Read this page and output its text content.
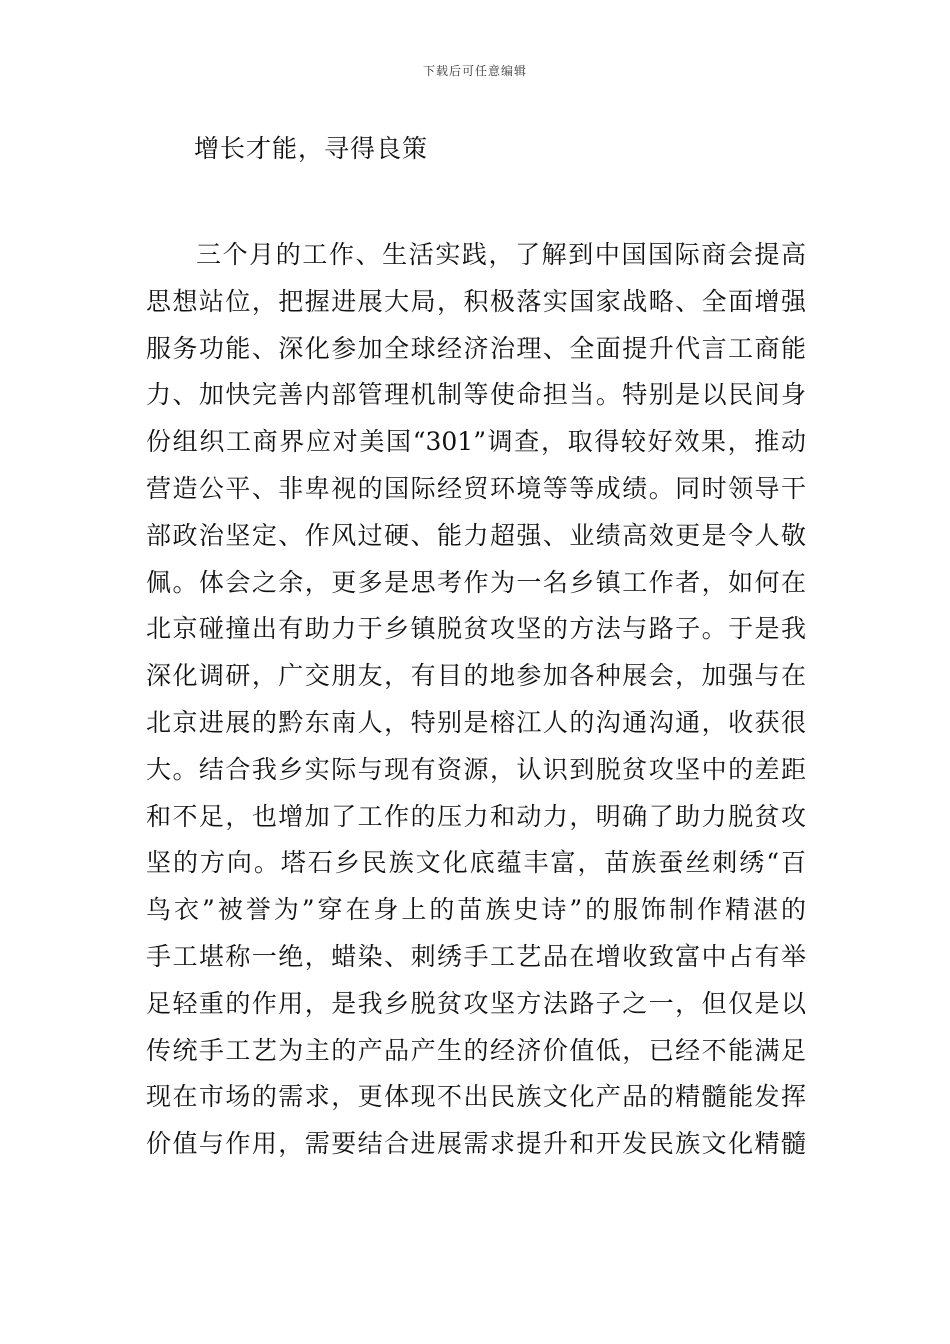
下载后可任意编辑
增长才能，寻得良策
三个月的工作、生活实践，了解到中国国际商会提高
思想站位，把握进展大局，积极落实国家战略、全面增强
服务功能、深化参加全球经济治理、全面提升代言工商能
力、加快完善内部管理机制等使命担当。特别是以民间身
份组织工商界应对美国“301”调查，取得较好效果，推动
营造公平、非卑视的国际经贸环境等等成绩。同时领导干
部政治坚定、作风过硬、能力超强、业绩高效更是令人敬
佩。体会之余，更多是思考作为一名乡镇工作者，如何在
北京碰撞出有助力于乡镇脱贫攻坚的方法与路子。于是我
深化调研，广交朋友，有目的地参加各种展会，加强与在
北京进展的黔东南人，特别是榕江人的沟通沟通，收获很
大。结合我乡实际与现有资源，认识到脱贫攻坚中的差距
和不足，也增加了工作的压力和动力，明确了助力脱贫攻
坚的方向。塔石乡民族文化底蕴丰富，苗族蚕丝刺绣“百
鸟衣”被誉为”穿在身上的苗族史诗”的服饰制作精湛的
手工堪称一绝，蜡染、刺绣手工艺品在增收致富中占有举
足轻重的作用，是我乡脱贫攻坚方法路子之一，但仅是以
传统手工艺为主的产品产生的经济价值低，已经不能满足
现在市场的需求，更体现不出民族文化产品的精髓能发挥
价值与作用，需要结合进展需求提升和开发民族文化精髓
